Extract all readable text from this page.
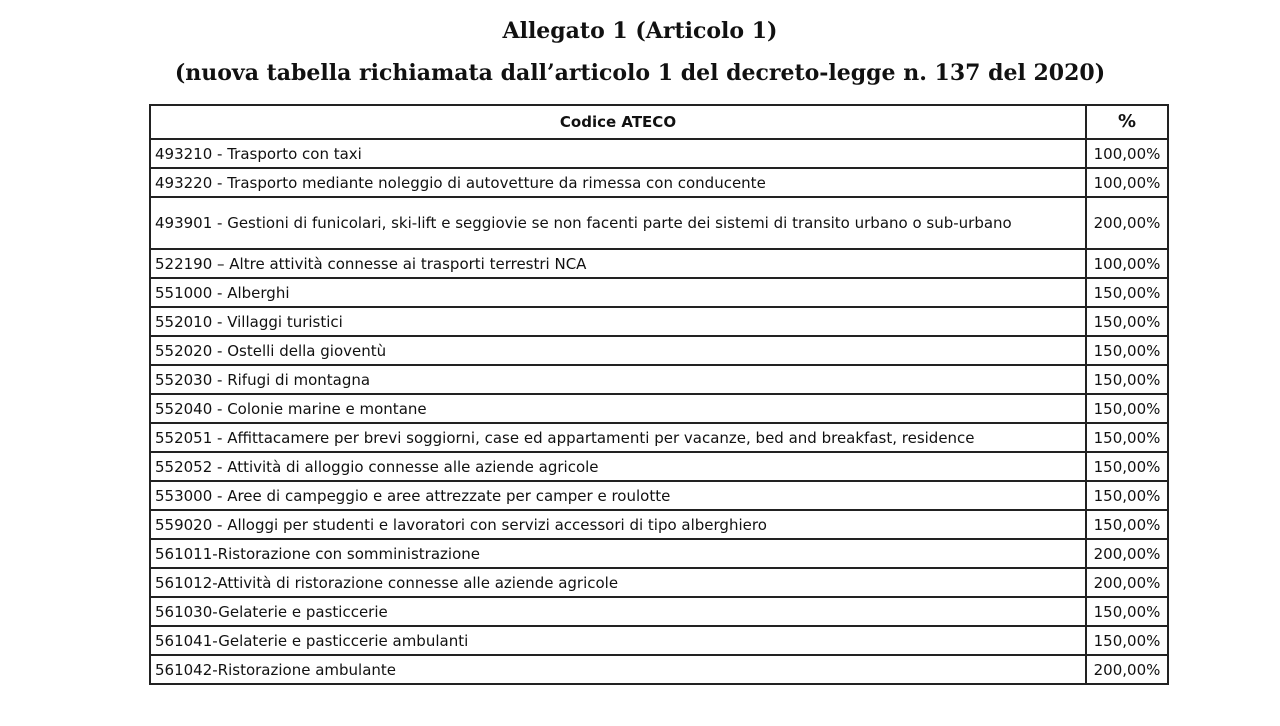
Allegato 1 (Articolo 1)
(nuova tabella richiamata dall’articolo 1 del decreto-legge n. 137 del 2020)
Codice ATECO	%
493210 - Trasporto con taxi	100,00%
493220 - Trasporto mediante noleggio di autovetture da rimessa con conducente	100,00%
493901 - Gestioni di funicolari, ski-lift e seggiovie se non facenti parte dei sistemi di transito urbano o sub-urbano	200,00%
522190 – Altre attività connesse ai trasporti terrestri NCA	100,00%
551000 - Alberghi	150,00%
552010 - Villaggi turistici	150,00%
552020 - Ostelli della gioventù	150,00%
552030 - Rifugi di montagna	150,00%
552040 - Colonie marine e montane	150,00%
552051 - Affittacamere per brevi soggiorni, case ed appartamenti per vacanze, bed and breakfast, residence	150,00%
552052 - Attività di alloggio connesse alle aziende agricole	150,00%
553000 - Aree di campeggio e aree attrezzate per camper e roulotte	150,00%
559020 - Alloggi per studenti e lavoratori con servizi accessori di tipo alberghiero	150,00%
561011-Ristorazione con somministrazione	200,00%
561012-Attività di ristorazione connesse alle aziende agricole	200,00%
561030-Gelaterie e pasticcerie	150,00%
561041-Gelaterie e pasticcerie ambulanti	150,00%
561042-Ristorazione ambulante	200,00%
